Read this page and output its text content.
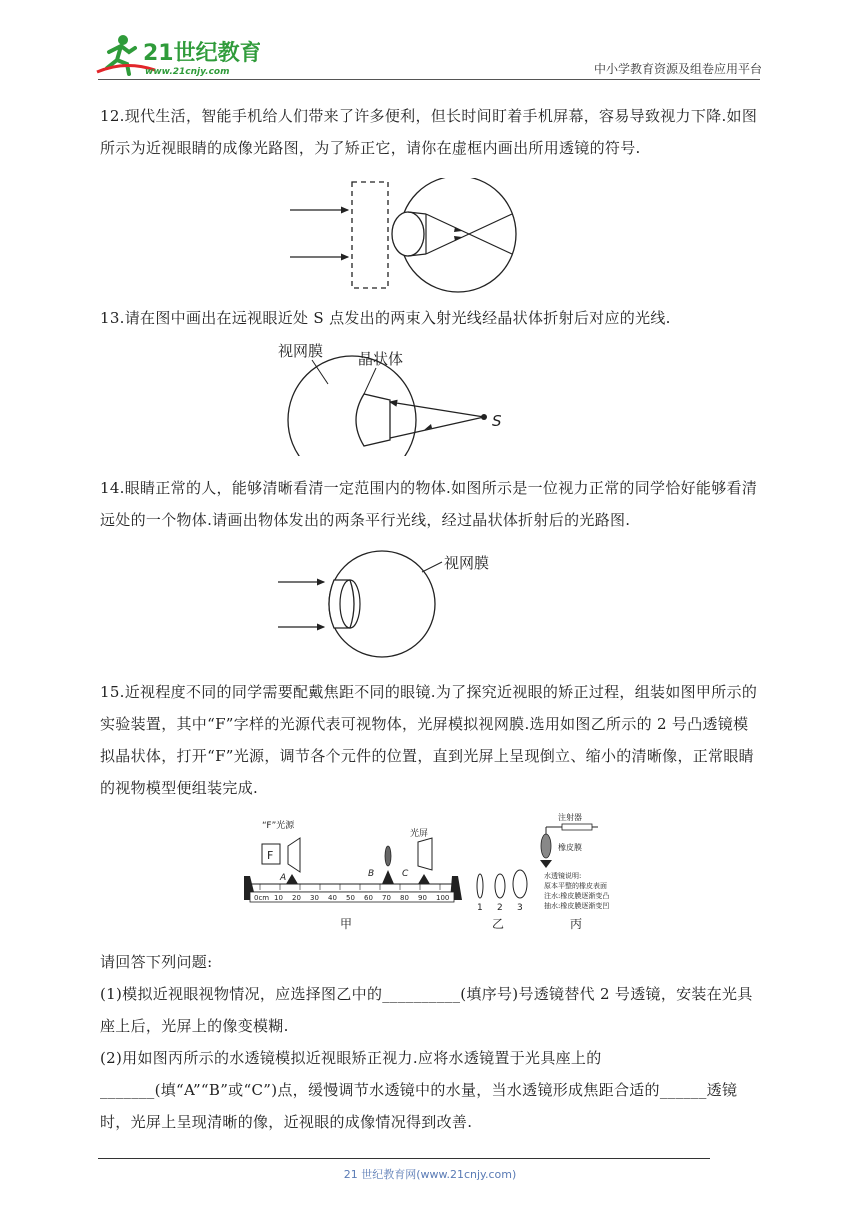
21世纪教育
www.21cnjy.com	中小学教育资源及组卷应用平台
12.现代生活，智能手机给人们带来了许多便利，但长时间盯着手机屏幕，容易导致视力下降.如图所示为近视眼睛的成像光路图，为了矫正它，请你在虚框内画出所用透镜的符号.
13.请在图中画出在远视眼近处 S 点发出的两束入射光线经晶状体折射后对应的光线.
视网膜 晶状体
S
14.眼睛正常的人，能够清晰看清一定范围内的物体.如图所示是一位视力正常的同学恰好能够看清远处的一个物体.请画出物体发出的两条平行光线，经过晶状体折射后的光路图.
视网膜
15.近视程度不同的同学需要配戴焦距不同的眼镜.为了探究近视眼的矫正过程，组装如图甲所示的实验装置，其中“F”字样的光源代表可视物体，光屏模拟视网膜.选用如图乙所示的 2 号凸透镜模拟晶状体，打开“F”光源，调节各个元件的位置，直到光屏上呈现倒立、缩小的清晰像，正常眼睛的视物模型便组装完成.
“F”光源
F
光屏
A	B	C
0cm 10 20 30 40 50 60 70 80 90 100
甲
1 2 3
乙
注射器
橡皮膜
水透镜说明:
原本平整的橡皮表面
注水:橡皮膜逐渐变凸
抽水:橡皮膜逐渐变凹
丙
请回答下列问题:
(1)模拟近视眼视物情况，应选择图乙中的__________(填序号)号透镜替代 2 号透镜，安装在光具座上后，光屏上的像变模糊.
(2)用如图丙所示的水透镜模拟近视眼矫正视力.应将水透镜置于光具座上的_______(填“A”“B”或“C”)点，缓慢调节水透镜中的水量，当水透镜形成焦距合适的______透镜时，光屏上呈现清晰的像，近视眼的成像情况得到改善.
21 世纪教育网(www.21cnjy.com)
